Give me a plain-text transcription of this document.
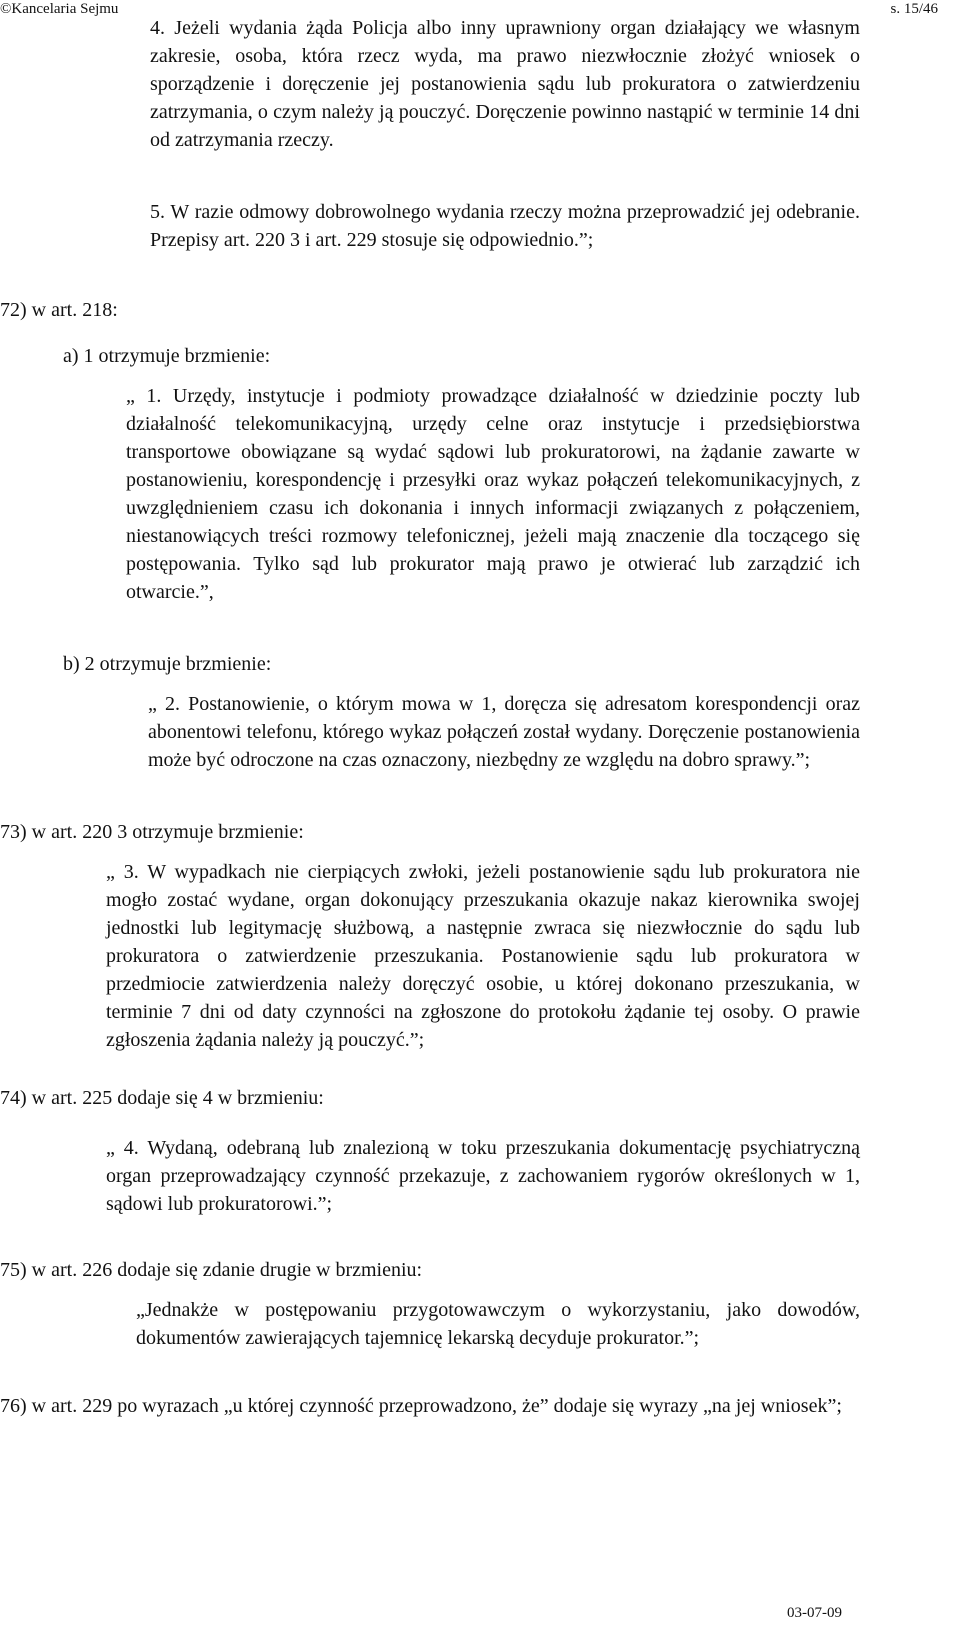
©Kancelaria Sejmu	s. 15/46

4. Jeżeli wydania żąda Policja albo inny uprawniony organ działający we własnym zakresie, osoba, która rzecz wyda, ma prawo niezwłocznie złożyć wniosek o sporządzenie i doręczenie jej postanowienia sądu lub prokuratora o zatwierdzeniu zatrzymania, o czym należy ją pouczyć. Doręczenie powinno nastąpić w terminie 14 dni od zatrzymania rzeczy.

5. W razie odmowy dobrowolnego wydania rzeczy można przeprowadzić jej odebranie. Przepisy art. 220 3 i art. 229 stosuje się odpowiednio.”;

72) w art. 218:

a) 1 otrzymuje brzmienie:

„ 1. Urzędy, instytucje i podmioty prowadzące działalność w dziedzinie poczty lub działalność telekomunikacyjną, urzędy celne oraz instytucje i przedsiębiorstwa transportowe obowiązane są wydać sądowi lub prokuratorowi, na żądanie zawarte w postanowieniu, korespondencję i przesyłki oraz wykaz połączeń telekomunikacyjnych, z uwzględnieniem czasu ich dokonania i innych informacji związanych z połączeniem, niestanowiących treści rozmowy telefonicznej, jeżeli mają znaczenie dla toczącego się postępowania. Tylko sąd lub prokurator mają prawo je otwierać lub zarządzić ich otwarcie.”,

b) 2 otrzymuje brzmienie:

„ 2. Postanowienie, o którym mowa w 1, doręcza się adresatom korespondencji oraz abonentowi telefonu, którego wykaz połączeń został wydany. Doręczenie postanowienia może być odroczone na czas oznaczony, niezbędny ze względu na dobro sprawy.”;

73) w art. 220 3 otrzymuje brzmienie:

„ 3. W wypadkach nie cierpiących zwłoki, jeżeli postanowienie sądu lub prokuratora nie mogło zostać wydane, organ dokonujący przeszukania okazuje nakaz kierownika swojej jednostki lub legitymację służbową, a następnie zwraca się niezwłocznie do sądu lub prokuratora o zatwierdzenie przeszukania. Postanowienie sądu lub prokuratora w przedmiocie zatwierdzenia należy doręczyć osobie, u której dokonano przeszukania, w terminie 7 dni od daty czynności na zgłoszone do protokołu żądanie tej osoby. O prawie zgłoszenia żądania należy ją pouczyć.”;

74) w art. 225 dodaje się 4 w brzmieniu:

„ 4. Wydaną, odebraną lub znalezioną w toku przeszukania dokumentację psychiatryczną organ przeprowadzający czynność przekazuje, z zachowaniem rygorów określonych w 1, sądowi lub prokuratorowi.”;

75) w art. 226 dodaje się zdanie drugie w brzmieniu:

„Jednakże w postępowaniu przygotowawczym o wykorzystaniu, jako dowodów, dokumentów zawierających tajemnicę lekarską decyduje prokurator.”;

76) w art. 229 po wyrazach „u której czynność przeprowadzono, że” dodaje się wyrazy „na jej wniosek”;

03-07-09
